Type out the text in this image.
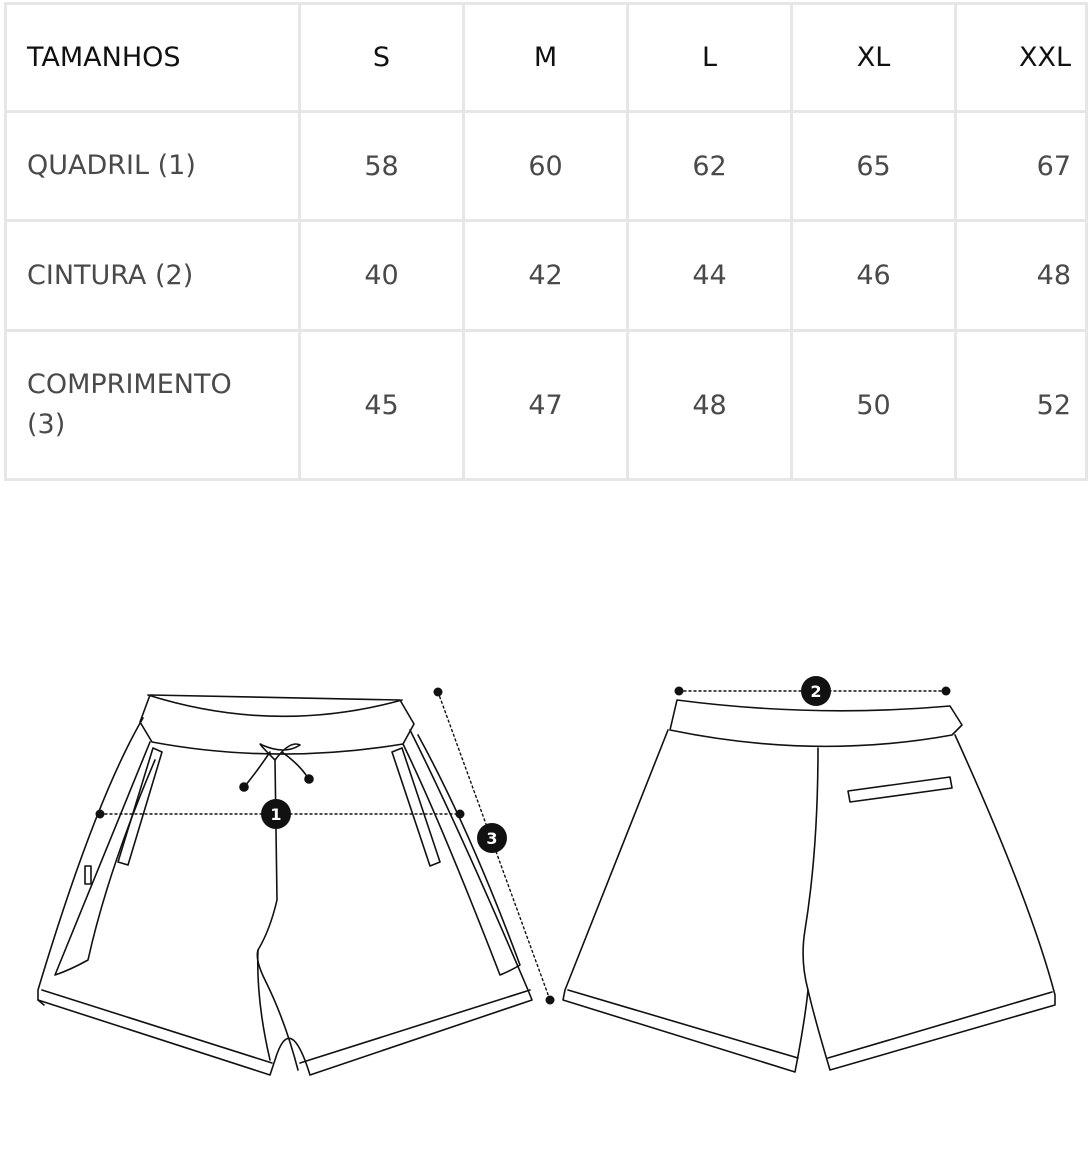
TAMANHOS	S	M	L	XL	XXL
QUADRIL (1)	58	60	62	65	67
CINTURA (2)	40	42	44	46	48
COMPRIMENTO (3)	45	47	48	50	52
1
2
3
